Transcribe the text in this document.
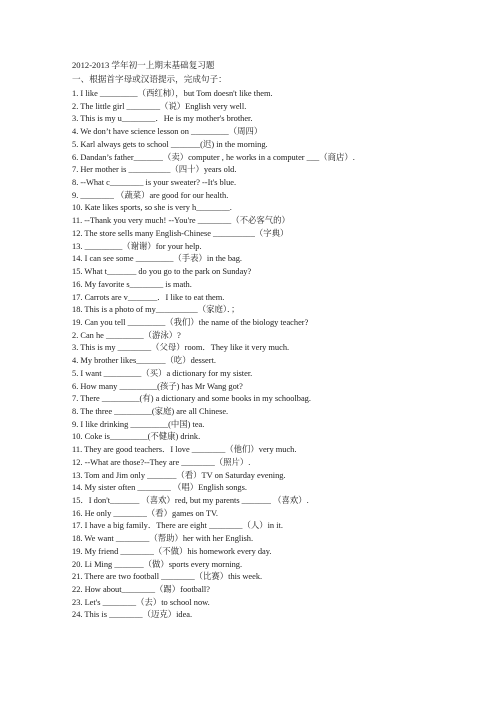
2012-2013 学年初一上期末基础复习题
一、根据首字母或汉语提示，完成句子：
1. I like _________（西红柿），but Tom doesn't like them.
2. The little girl ________（说）English very well.
3. This is my u________．He is my mother's brother.
4. We don’t have science lesson on _________（周四）
5. Karl always gets to school _______(迟) in the morning.
6. Dandan’s father_______（卖）computer , he works in a computer ___（商店）.
7. Her mother is __________（四十）years old.
8. --What c________ is your sweater? --It's blue.
9. ________ （蔬菜）are good for our health.
10. Kate likes sports, so she is very h________.
11. --Thank you very much! --You're ________（不必客气的）
12. The store sells many English-Chinese __________（字典）
13. _________（谢谢）for your help.
14. I can see some _________（手表）in the bag.
15. What t_______ do you go to the park on Sunday?
16. My favorite s________ is math.
17. Carrots are v_______．I like to eat them.
18. This is a photo of my__________（家庭）．；
19. Can you tell _________（我们）the name of the biology teacher?
2. Can he _________（游泳）?
3. This is my ________（父母）room．They like it very much.
4. My brother likes_______（吃）dessert.
5. I want _________（买）a dictionary for my sister.
6. How many _________(孩子) has Mr Wang got?
7. There _________(有) a dictionary and some books in my schoolbag.
8. The three _________(家庭) are all Chinese.
9. I like drinking _________(中国) tea.
10. Coke is_________(不健康) drink.
11. They are good teachers．I love ________（他们）very much.
12. --What are those?--They are ________（照片）.
13. Tom and Jim only _______（看）TV on Saturday evening.
14. My sister often ________ （唱）English songs.
15．I don't_______ （喜欢）red, but my parents _______ （喜欢）.
16. He only ________（看）games on TV.
17. I have a big family．There are eight ________（人）in it.
18. We want ________（帮助）her with her English.
19. My friend ________（不做）his homework every day.
20. Li Ming _______（做）sports every morning.
21. There are two football ________（比赛）this week.
22. How about________（踢）football?
23. Let's ________（去）to school now.
24. This is ________（迈克）idea.
